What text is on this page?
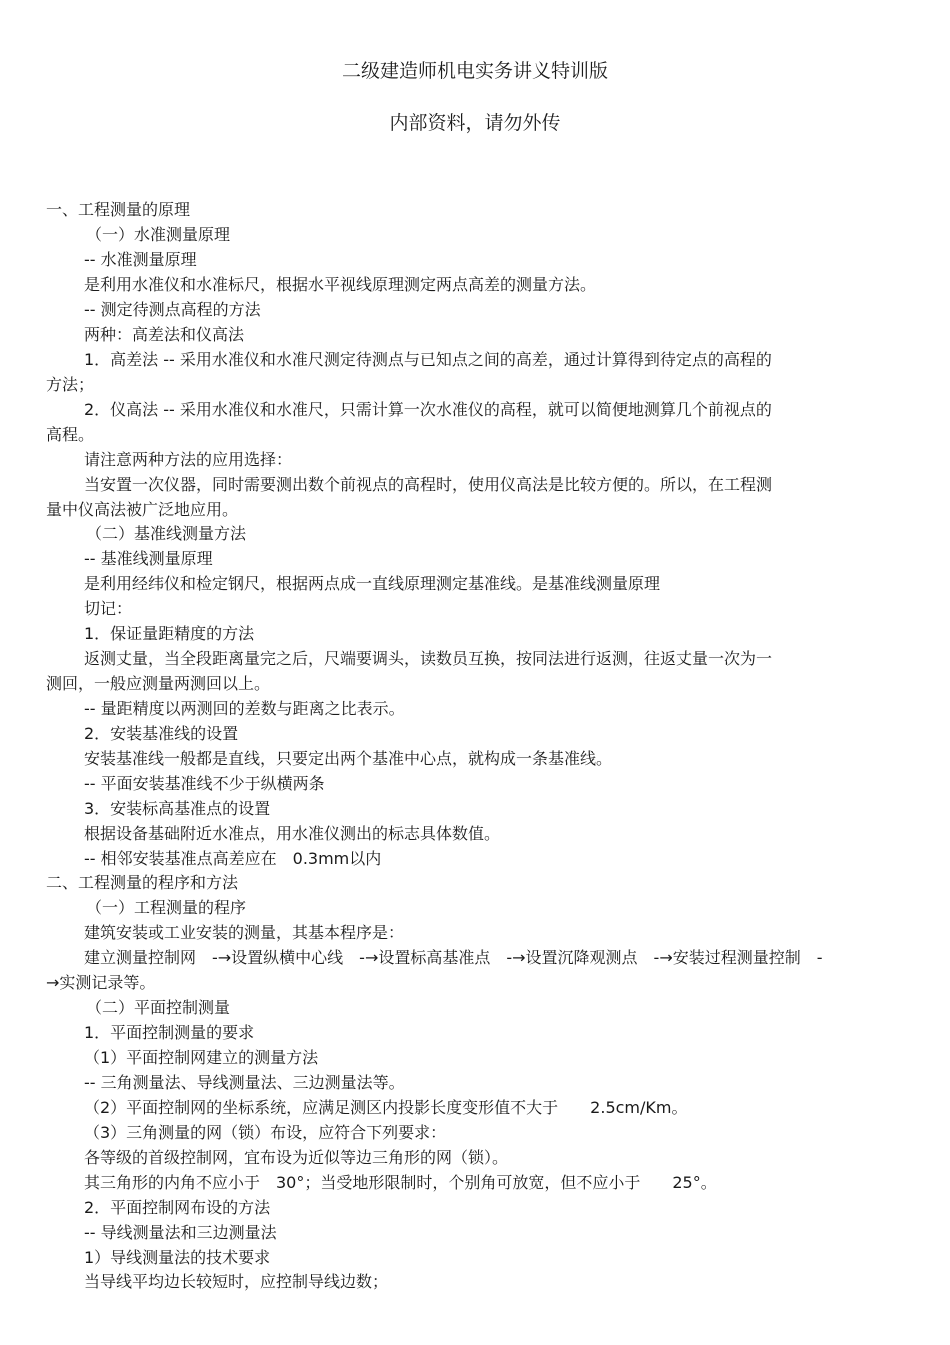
二级建造师机电实务讲义特训版
内部资料，请勿外传
一、工程测量的原理
（一）水准测量原理
-- 水准测量原理
是利用水准仪和水准标尺，根据水平视线原理测定两点高差的测量方法。
-- 测定待测点高程的方法
两种：高差法和仪高法
1．高差法 -- 采用水准仪和水准尺测定待测点与已知点之间的高差，通过计算得到待定点的高程的
方法；
2．仪高法 -- 采用水准仪和水准尺，只需计算一次水准仪的高程，就可以简便地测算几个前视点的
高程。
请注意两种方法的应用选择：
当安置一次仪器，同时需要测出数个前视点的高程时，使用仪高法是比较方便的。所以，在工程测
量中仪高法被广泛地应用。
（二）基准线测量方法
-- 基准线测量原理
是利用经纬仪和检定钢尺，根据两点成一直线原理测定基准线。是基准线测量原理
切记：
1．保证量距精度的方法
返测丈量，当全段距离量完之后，尺端要调头，读数员互换，按同法进行返测，往返丈量一次为一
测回，一般应测量两测回以上。
-- 量距精度以两测回的差数与距离之比表示。
2．安装基准线的设置
安装基准线一般都是直线，只要定出两个基准中心点，就构成一条基准线。
-- 平面安装基准线不少于纵横两条
3．安装标高基准点的设置
根据设备基础附近水准点，用水准仪测出的标志具体数值。
-- 相邻安装基准点高差应在　0.3mm以内
二、工程测量的程序和方法
（一）工程测量的程序
建筑安装或工业安装的测量，其基本程序是：
建立测量控制网　-→设置纵横中心线　-→设置标高基准点　-→设置沉降观测点　-→安装过程测量控制　-
→实测记录等。
（二）平面控制测量
1．平面控制测量的要求
（1）平面控制网建立的测量方法
-- 三角测量法、导线测量法、三边测量法等。
（2）平面控制网的坐标系统，应满足测区内投影长度变形值不大于　　2.5cm/Km。
（3）三角测量的网（锁）布设，应符合下列要求：
各等级的首级控制网，宜布设为近似等边三角形的网（锁）。
其三角形的内角不应小于　30°；当受地形限制时，个别角可放宽，但不应小于　　25°。
2．平面控制网布设的方法
-- 导线测量法和三边测量法
1）导线测量法的技术要求
当导线平均边长较短时，应控制导线边数；
